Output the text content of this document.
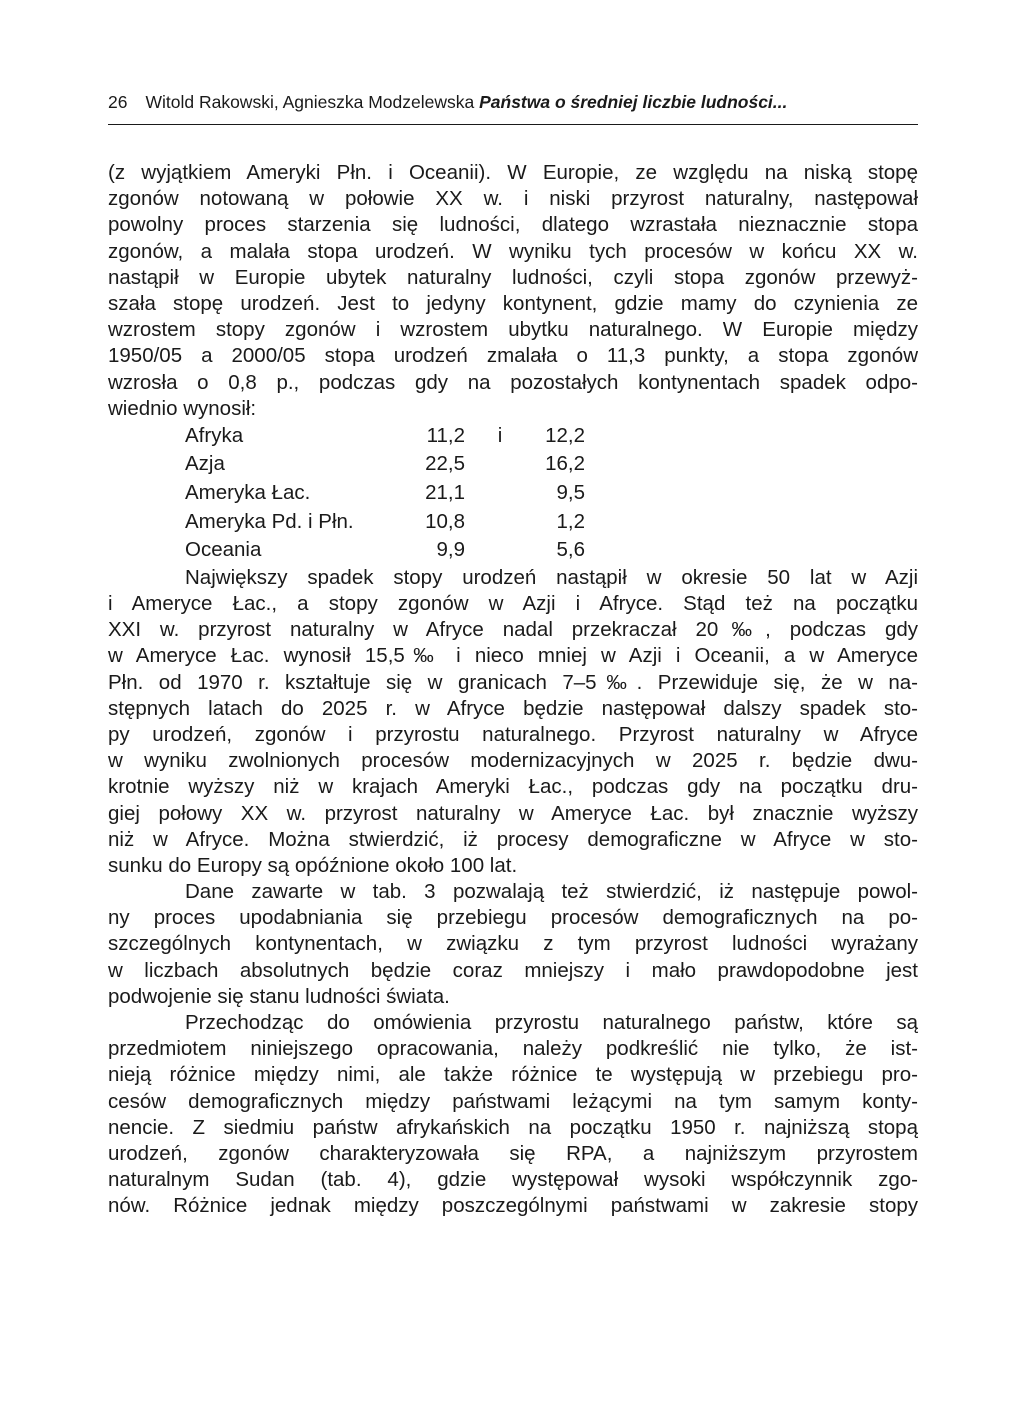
26 Witold Rakowski, Agnieszka Modzelewska Państwa o średniej liczbie ludności...
(z wyjątkiem Ameryki Płn. i Oceanii). W Europie, ze względu na niską stopę
zgonów notowaną w połowie XX w. i niski przyrost naturalny, następował
powolny proces starzenia się ludności, dlatego wzrastała nieznacznie stopa
zgonów, a malała stopa urodzeń. W wyniku tych procesów w końcu XX w.
nastąpił w Europie ubytek naturalny ludności, czyli stopa zgonów przewyż-
szała stopę urodzeń. Jest to jedyny kontynent, gdzie mamy do czynienia ze
wzrostem stopy zgonów i wzrostem ubytku naturalnego. W Europie między
1950/05 a 2000/05 stopa urodzeń zmalała o 11,3 punkty, a stopa zgonów
wzrosła o 0,8 p., podczas gdy na pozostałych kontynentach spadek odpo-
wiednio wynosił:
Afryka	11,2	i	12,2
Azja	22,5		16,2
Ameryka Łac.	21,1		9,5
Ameryka Pd. i Płn.	10,8		1,2
Oceania	9,9		5,6
Największy spadek stopy urodzeń nastąpił w okresie 50 lat w Azji
i Ameryce Łac., a stopy zgonów w Azji i Afryce. Stąd też na początku
XXI w. przyrost naturalny w Afryce nadal przekraczał 20‰, podczas gdy
w Ameryce Łac. wynosił 15,5‰ i nieco mniej w Azji i Oceanii, a w Ameryce
Płn. od 1970 r. kształtuje się w granicach 7–5‰. Przewiduje się, że w na-
stępnych latach do 2025 r. w Afryce będzie następował dalszy spadek sto-
py urodzeń, zgonów i przyrostu naturalnego. Przyrost naturalny w Afryce
w wyniku zwolnionych procesów modernizacyjnych w 2025 r. będzie dwu-
krotnie wyższy niż w krajach Ameryki Łac., podczas gdy na początku dru-
giej połowy XX w. przyrost naturalny w Ameryce Łac. był znacznie wyższy
niż w Afryce. Można stwierdzić, iż procesy demograficzne w Afryce w sto-
sunku do Europy są opóźnione około 100 lat.
Dane zawarte w tab. 3 pozwalają też stwierdzić, iż następuje powol-
ny proces upodabniania się przebiegu procesów demograficznych na po-
szczególnych kontynentach, w związku z tym przyrost ludności wyrażany
w liczbach absolutnych będzie coraz mniejszy i mało prawdopodobne jest
podwojenie się stanu ludności świata.
Przechodząc do omówienia przyrostu naturalnego państw, które są
przedmiotem niniejszego opracowania, należy podkreślić nie tylko, że ist-
nieją różnice między nimi, ale także różnice te występują w przebiegu pro-
cesów demograficznych między państwami leżącymi na tym samym konty-
nencie. Z siedmiu państw afrykańskich na początku 1950 r. najniższą stopą
urodzeń, zgonów charakteryzowała się RPA, a najniższym przyrostem
naturalnym Sudan (tab. 4), gdzie występował wysoki współczynnik zgo-
nów. Różnice jednak między poszczególnymi państwami w zakresie stopy
